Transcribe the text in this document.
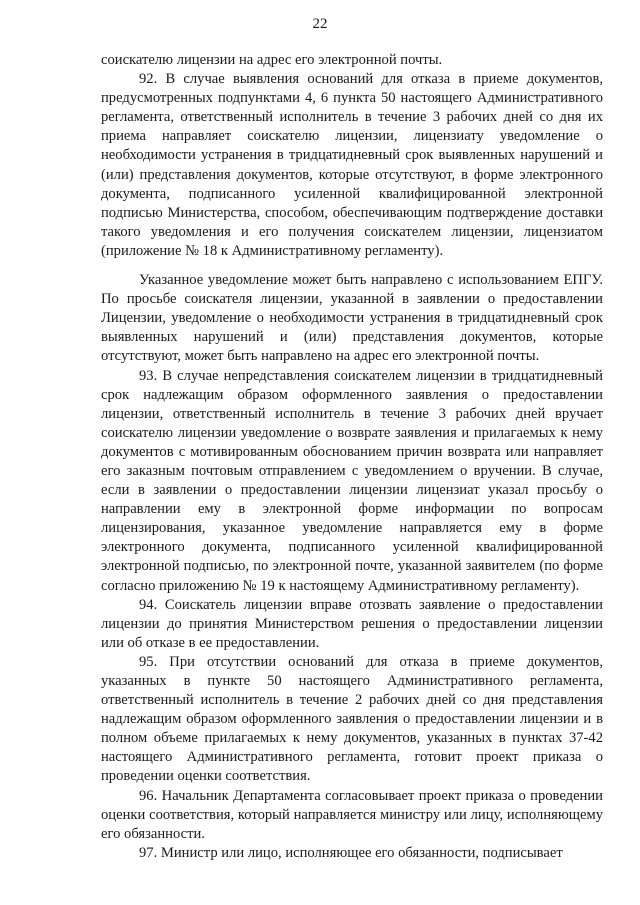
22

соискателю лицензии на адрес его электронной почты.

92. В случае выявления оснований для отказа в приеме документов, предусмотренных подпунктами 4, 6 пункта 50 настоящего Административного регламента, ответственный исполнитель в течение 3 рабочих дней со дня их приема направляет соискателю лицензии, лицензиату уведомление о необходимости устранения в тридцатидневный срок выявленных нарушений и (или) представления документов, которые отсутствуют, в форме электронного документа, подписанного усиленной квалифицированной электронной подписью Министерства, способом, обеспечивающим подтверждение доставки такого уведомления и его получения соискателем лицензии, лицензиатом (приложение № 18 к Административному регламенту).

Указанное уведомление может быть направлено с использованием ЕПГУ. По просьбе соискателя лицензии, указанной в заявлении о предоставлении Лицензии, уведомление о необходимости устранения в тридцатидневный срок выявленных нарушений и (или) представления документов, которые отсутствуют, может быть направлено на адрес его электронной почты.

93. В случае непредставления соискателем лицензии в тридцатидневный срок надлежащим образом оформленного заявления о предоставлении лицензии, ответственный исполнитель в течение 3 рабочих дней вручает соискателю лицензии уведомление о возврате заявления и прилагаемых к нему документов с мотивированным обоснованием причин возврата или направляет его заказным почтовым отправлением с уведомлением о вручении. В случае, если в заявлении о предоставлении лицензии лицензиат указал просьбу о направлении ему в электронной форме информации по вопросам лицензирования, указанное уведомление направляется ему в форме электронного документа, подписанного усиленной квалифицированной электронной подписью, по электронной почте, указанной заявителем (по форме согласно приложению № 19 к настоящему Административному регламенту).

94. Соискатель лицензии вправе отозвать заявление о предоставлении лицензии до принятия Министерством решения о предоставлении лицензии или об отказе в ее предоставлении.

95. При отсутствии оснований для отказа в приеме документов, указанных в пункте 50 настоящего Административного регламента, ответственный исполнитель в течение 2 рабочих дней со дня представления надлежащим образом оформленного заявления о предоставлении лицензии и в полном объеме прилагаемых к нему документов, указанных в пунктах 37-42 настоящего Административного регламента, готовит проект приказа о проведении оценки соответствия.

96. Начальник Департамента согласовывает проект приказа о проведении оценки соответствия, который направляется министру или лицу, исполняющему его обязанности.

97. Министр или лицо, исполняющее его обязанности, подписывает
